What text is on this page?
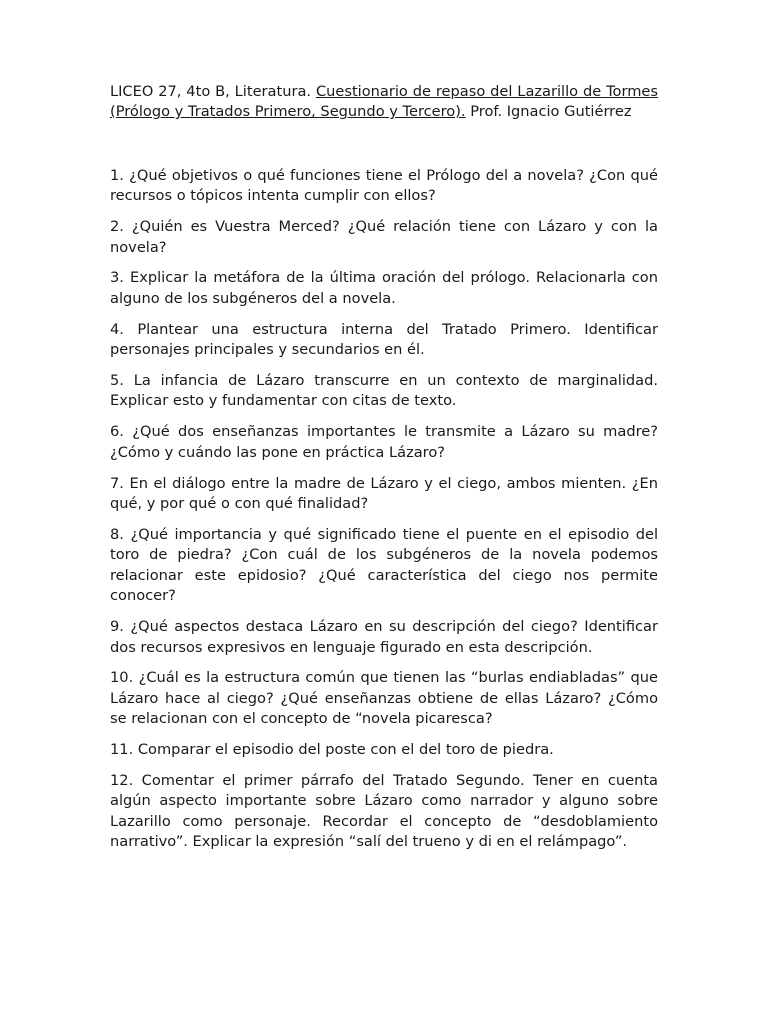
LICEO 27, 4to B, Literatura. Cuestionario de repaso del Lazarillo de Tormes (Prólogo y Tratados Primero, Segundo y Tercero). Prof. Ignacio Gutiérrez

1. ¿Qué objetivos o qué funciones tiene el Prólogo del a novela? ¿Con qué recursos o tópicos intenta cumplir con ellos?

2. ¿Quién es Vuestra Merced? ¿Qué relación tiene con Lázaro y con la novela?

3. Explicar la metáfora de la última oración del prólogo. Relacionarla con alguno de los subgéneros del a novela.

4. Plantear una estructura interna del Tratado Primero. Identificar personajes principales y secundarios en él.

5. La infancia de Lázaro transcurre en un contexto de marginalidad. Explicar esto y fundamentar con citas de texto.

6. ¿Qué dos enseñanzas importantes le transmite a Lázaro su madre? ¿Cómo y cuándo las pone en práctica Lázaro?

7. En el diálogo entre la madre de Lázaro y el ciego, ambos mienten. ¿En qué, y por qué o con qué finalidad?

8. ¿Qué importancia y qué significado tiene el puente en el episodio del toro de piedra? ¿Con cuál de los subgéneros de la novela podemos relacionar este epidosio? ¿Qué característica del ciego nos permite conocer?

9. ¿Qué aspectos destaca Lázaro en su descripción del ciego? Identificar dos recursos expresivos en lenguaje figurado en esta descripción.

10. ¿Cuál es la estructura común que tienen las “burlas endiabladas” que Lázaro hace al ciego? ¿Qué enseñanzas obtiene de ellas Lázaro? ¿Cómo se relacionan con el concepto de “novela picaresca?

11. Comparar el episodio del poste con el del toro de piedra.

12. Comentar el primer párrafo del Tratado Segundo. Tener en cuenta algún aspecto importante sobre Lázaro como narrador y alguno sobre Lazarillo como personaje. Recordar el concepto de “desdoblamiento narrativo”. Explicar la expresión “salí del trueno y di en el relámpago”.
